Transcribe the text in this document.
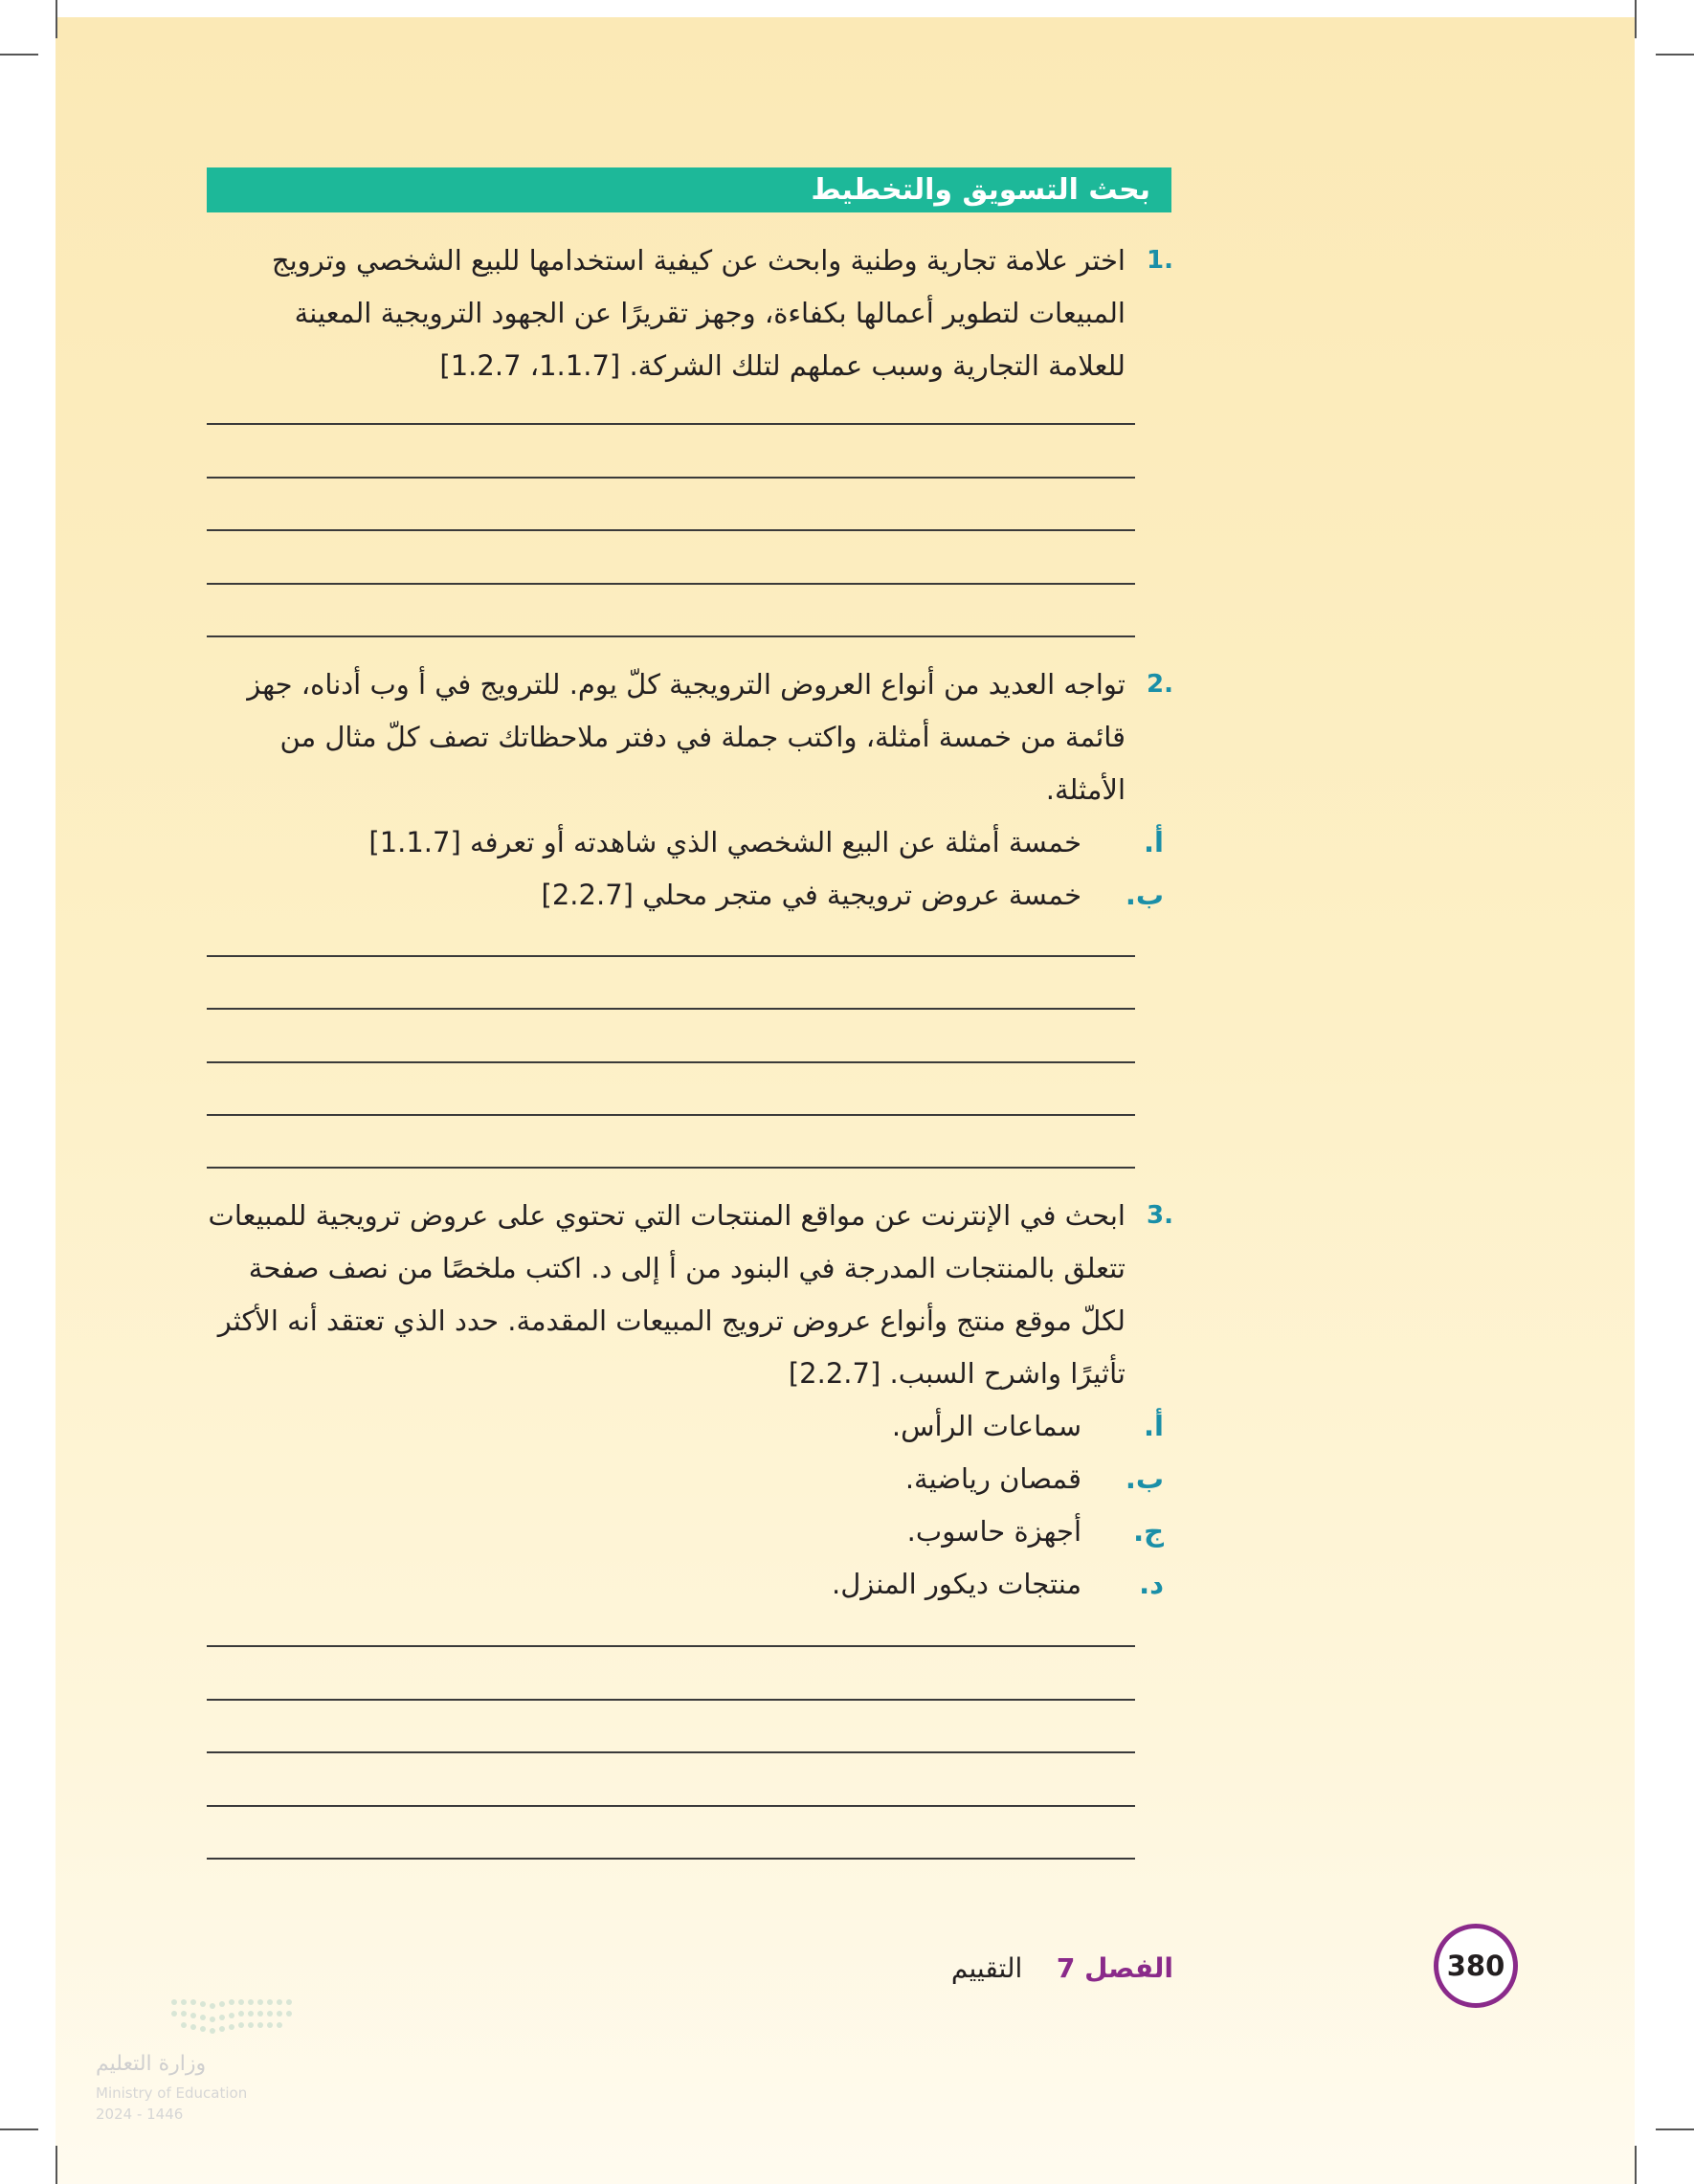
بحث التسويق والتخطيط
.1
اختر علامة تجارية وطنية وابحث عن كيفية استخدامها للبيع الشخصي وترويج
المبيعات لتطوير أعمالها بكفاءة، وجهز تقريرًا عن الجهود الترويجية المعينة
للعلامة التجارية وسبب عملهم لتلك الشركة. [1.1.7، 1.2.7]
.2
تواجه العديد من أنواع العروض الترويجية كلّ يوم. للترويج في أ وب أدناه، جهز
قائمة من خمسة أمثلة، واكتب جملة في دفتر ملاحظاتك تصف كلّ مثال من
الأمثلة.
أ.
خمسة أمثلة عن البيع الشخصي الذي شاهدته أو تعرفه [1.1.7]
ب.
خمسة عروض ترويجية في متجر محلي [2.2.7]
.3
ابحث في الإنترنت عن مواقع المنتجات التي تحتوي على عروض ترويجية للمبيعات
تتعلق بالمنتجات المدرجة في البنود من أ إلى د. اكتب ملخصًا من نصف صفحة
لكلّ موقع منتج وأنواع عروض ترويج المبيعات المقدمة. حدد الذي تعتقد أنه الأكثر
تأثيرًا واشرح السبب. [2.2.7]
أ.
سماعات الرأس.
ب.
قمصان رياضية.
ج.
أجهزة حاسوب.
د.
منتجات ديكور المنزل.
الفصل 7    التقييم	380
وزارة التعليم
Ministry of Education
2024 - 1446
